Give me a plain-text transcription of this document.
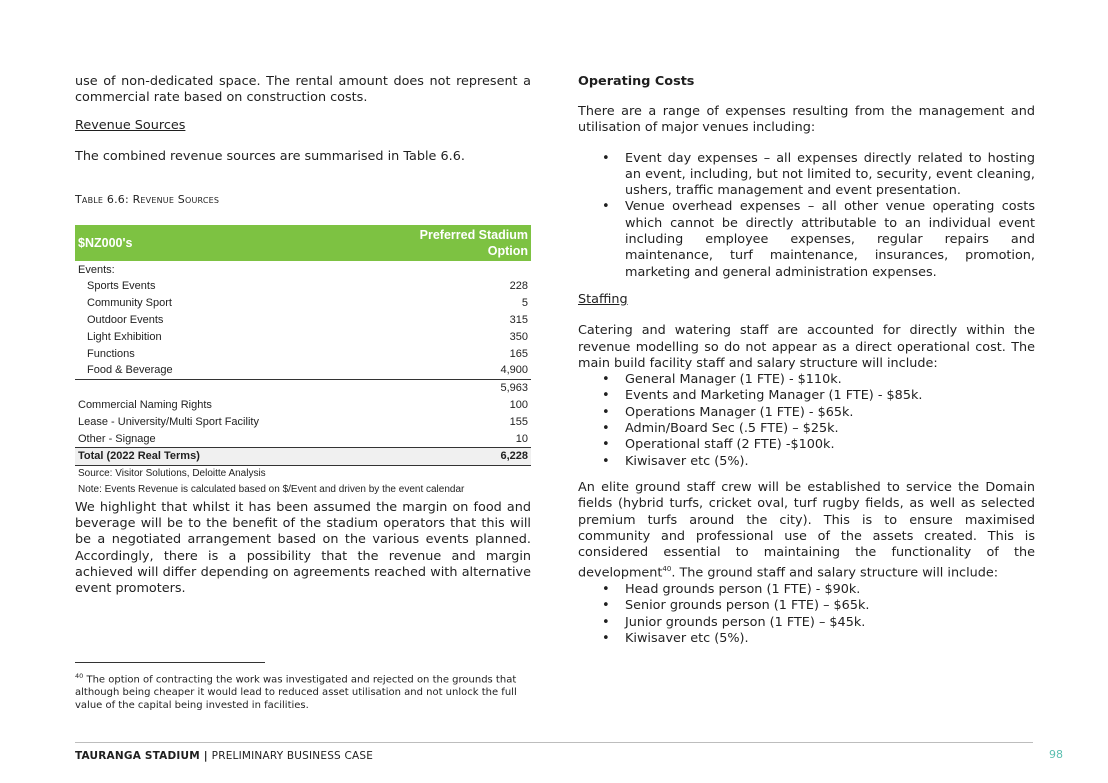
use of non-dedicated space. The rental amount does not represent a commercial rate based on construction costs.

Revenue Sources

The combined revenue sources are summarised in Table 6.6.

Table 6.6: Revenue Sources
$NZ000's	Preferred Stadium
Option

Events:	
Sports Events	228
Community Sport	5
Outdoor Events	315
Light Exhibition	350
Functions	165
Food & Beverage	4,900
	5,963
Commercial Naming Rights	100
Lease - University/Multi Sport Facility	155
Other - Signage	10
Total (2022 Real Terms)	6,228
Source: Visitor Solutions, Deloitte Analysis
Note: Events Revenue is calculated based on $/Event and driven by the event calendar

We highlight that whilst it has been assumed the margin on food and beverage will be to the benefit of the stadium operators that this will be a negotiated arrangement based on the various events planned. Accordingly, there is a possibility that the revenue and margin achieved will differ depending on agreements reached with alternative event promoters.

Operating Costs

There are a range of expenses resulting from the management and utilisation of major venues including:

• Event day expenses – all expenses directly related to hosting an event, including, but not limited to, security, event cleaning, ushers, traffic management and event presentation.
• Venue overhead expenses – all other venue operating costs which cannot be directly attributable to an individual event including employee expenses, regular repairs and maintenance, turf maintenance, insurances, promotion, marketing and general administration expenses.

Staffing

Catering and watering staff are accounted for directly within the revenue modelling so do not appear as a direct operational cost. The main build facility staff and salary structure will include:

• General Manager (1 FTE) - $110k.
• Events and Marketing Manager (1 FTE) - $85k.
• Operations Manager (1 FTE) - $65k.
• Admin/Board Sec (.5 FTE) – $25k.
• Operational staff (2 FTE) -$100k.
• Kiwisaver etc (5%).

An elite ground staff crew will be established to service the Domain fields (hybrid turfs, cricket oval, turf rugby fields, as well as selected premium turfs around the city). This is to ensure maximised community and professional use of the assets created. This is considered essential to maintaining the functionality of the development$^{40}$. The ground staff and salary structure will include:

• Head grounds person (1 FTE) - $90k.
• Senior grounds person (1 FTE) – $65k.
• Junior grounds person (1 FTE) – $45k.
• Kiwisaver etc (5%).
$^{40}$ The option of contracting the work was investigated and rejected on the grounds that although being cheaper it would lead to reduced asset utilisation and not unlock the full value of the capital being invested in facilities.
TAURANGA STADIUM | PRELIMINARY BUSINESS CASE	98
